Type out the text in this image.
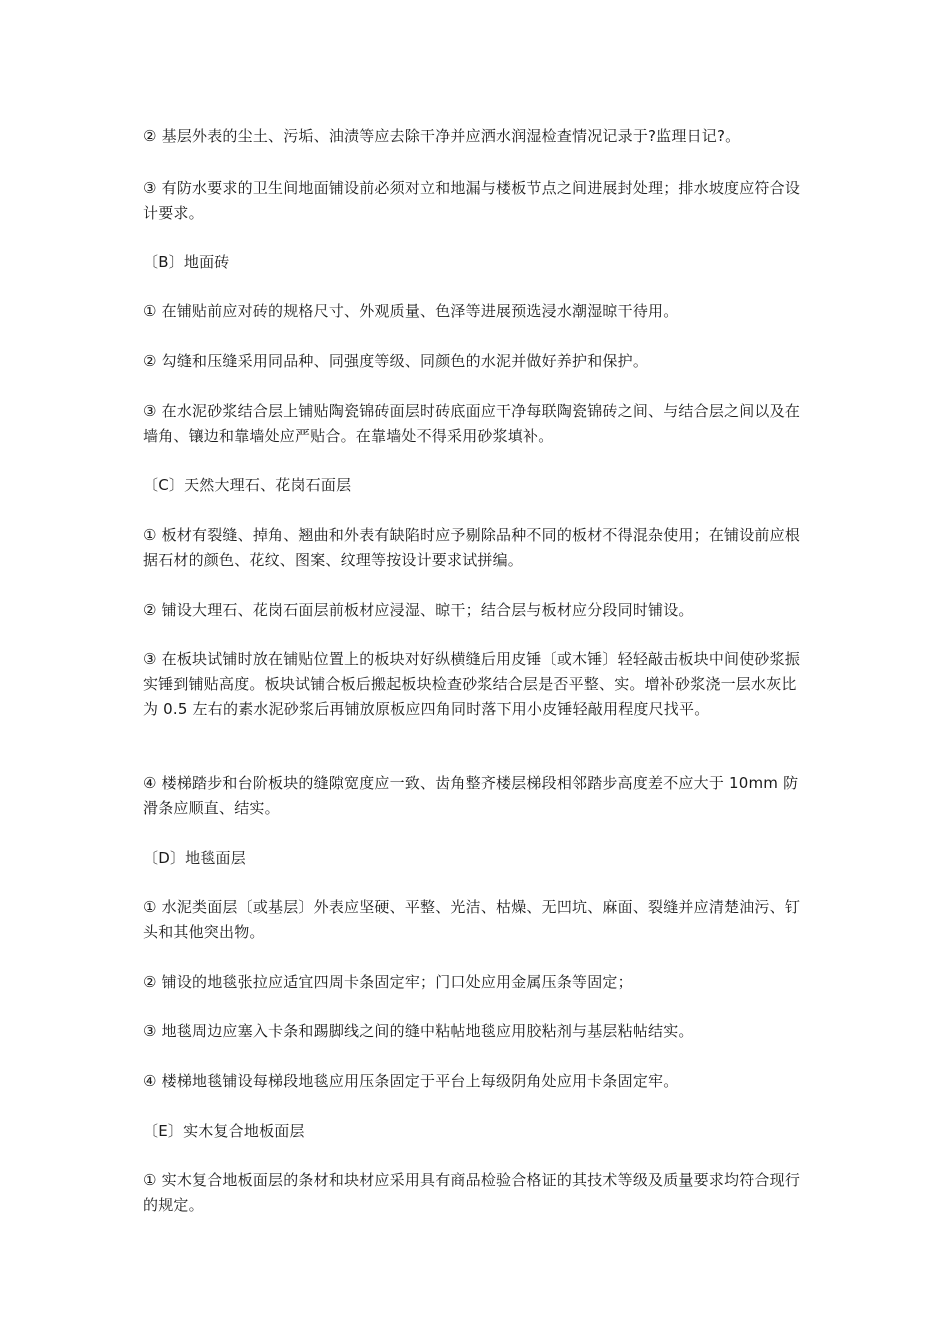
② 基层外表的尘土、污垢、油渍等应去除干净并应洒水润湿检查情况记录于?监理日记?。

③ 有防水要求的卫生间地面铺设前必须对立和地漏与楼板节点之间进展封处理；排水坡度应符合设计要求。

〔B〕地面砖

① 在铺贴前应对砖的规格尺寸、外观质量、色泽等进展预选浸水潮湿晾干待用。

② 勾缝和压缝采用同品种、同强度等级、同颜色的水泥并做好养护和保护。

③ 在水泥砂浆结合层上铺贴陶瓷锦砖面层时砖底面应干净每联陶瓷锦砖之间、与结合层之间以及在墙角、镶边和靠墙处应严贴合。在靠墙处不得采用砂浆填补。

〔C〕天然大理石、花岗石面层

① 板材有裂缝、掉角、翘曲和外表有缺陷时应予剔除品种不同的板材不得混杂使用；在铺设前应根据石材的颜色、花纹、图案、纹理等按设计要求试拼编。

② 铺设大理石、花岗石面层前板材应浸湿、晾干；结合层与板材应分段同时铺设。

③ 在板块试铺时放在铺贴位置上的板块对好纵横缝后用皮锤〔或木锤〕轻轻敲击板块中间使砂浆振实锤到铺贴高度。板块试铺合板后搬起板块检查砂浆结合层是否平整、实。增补砂浆浇一层水灰比为 0.5 左右的素水泥砂浆后再铺放原板应四角同时落下用小皮锤轻敲用程度尺找平。

④ 楼梯踏步和台阶板块的缝隙宽度应一致、齿角整齐楼层梯段相邻踏步高度差不应大于 10mm 防滑条应顺直、结实。

〔D〕地毯面层

① 水泥类面层〔或基层〕外表应坚硬、平整、光洁、枯燥、无凹坑、麻面、裂缝并应清楚油污、钉头和其他突出物。

② 铺设的地毯张拉应适宜四周卡条固定牢；门口处应用金属压条等固定；

③ 地毯周边应塞入卡条和踢脚线之间的缝中粘帖地毯应用胶粘剂与基层粘帖结实。

④ 楼梯地毯铺设每梯段地毯应用压条固定于平台上每级阴角处应用卡条固定牢。

〔E〕实木复合地板面层

① 实木复合地板面层的条材和块材应采用具有商品检验合格证的其技术等级及质量要求均符合现行的规定。
